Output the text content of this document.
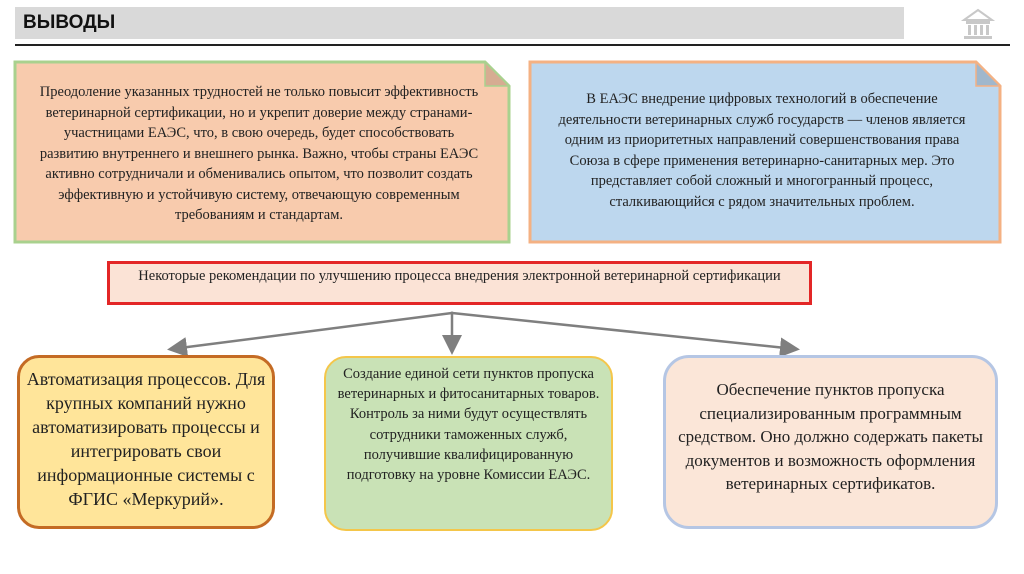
ВЫВОДЫ
Преодоление указанных трудностей не только повысит эффективность ветеринарной сертификации, но и укрепит доверие между странами-участницами ЕАЭС, что, в свою очередь, будет способствовать развитию внутреннего и внешнего рынка. Важно, чтобы страны ЕАЭС активно сотрудничали и обменивались опытом, что позволит создать эффективную и устойчивую систему, отвечающую современным требованиям и стандартам.
В ЕАЭС внедрение цифровых технологий в обеспечение деятельности ветеринарных служб государств — членов является одним из приоритетных направлений совершенствования права Союза в сфере применения ветеринарно-санитарных мер. Это представляет собой сложный и многогранный процесс, сталкивающийся с рядом значительных проблем.
Некоторые рекомендации по улучшению процесса внедрения электронной ветеринарной сертификации
Автоматизация процессов. Для крупных компаний нужно автоматизировать процессы и интегрировать свои информационные системы с ФГИС «Меркурий».
Создание единой сети пунктов пропуска ветеринарных и фитосанитарных товаров. Контроль за ними будут осуществлять сотрудники таможенных служб, получившие квалифицированную подготовку на уровне Комиссии ЕАЭС.
Обеспечение пунктов пропуска специализированным программным средством. Оно должно содержать пакеты документов и возможность оформления ветеринарных сертификатов.
